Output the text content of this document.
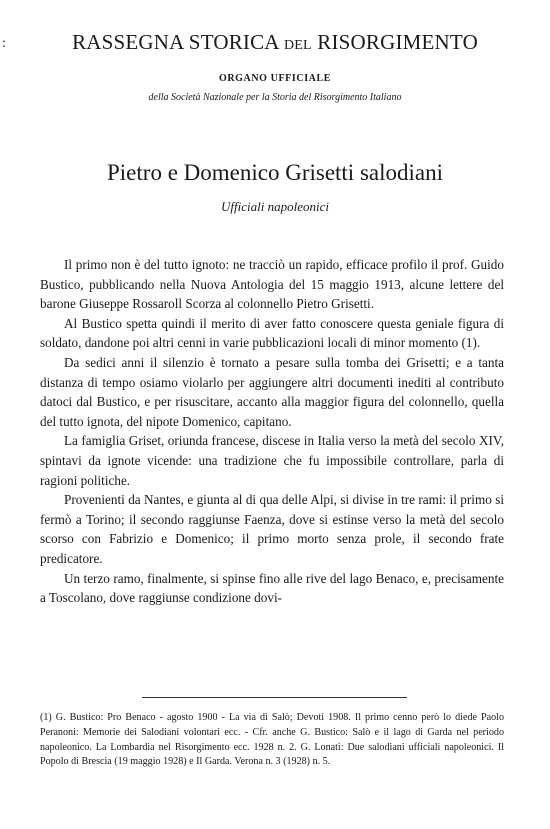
:	RASSEGNA STORICA DEL RISORGIMENTO
ORGANO UFFICIALE
della Società Nazionale per la Storia del Risorgimento Italiano
Pietro e Domenico Grisetti salodiani
Ufficiali napoleonici

Il primo non è del tutto ignoto: ne tracciò un rapido, efficace profilo il prof. Guido Bustico, pubblicando nella Nuova Antologia del 15 maggio 1913, alcune lettere del barone Giuseppe Rossaroll Scorza al colonnello Pietro Grisetti.

Al Bustico spetta quindi il merito di aver fatto conoscere questa geniale figura di soldato, dandone poi altri cenni in varie pubblicazioni locali di minor momento (1).

Da sedici anni il silenzio è tornato a pesare sulla tomba dei Grisetti; e a tanta distanza di tempo osiamo violarlo per aggiungere altri documenti inediti al contributo datoci dal Bustico, e per risuscitare, accanto alla maggior figura del colonnello, quella del tutto ignota, del nipote Domenico, capitano.

La famiglia Griset, oriunda francese, discese in Italia verso la metà del secolo XIV, spintavi da ignote vicende: una tradizione che fu impossibile controllare, parla di ragioni politiche.

Provenienti da Nantes, e giunta al di qua delle Alpi, si divise in tre rami: il primo si fermò a Torino; il secondo raggiunse Faenza, dove si estinse verso la metà del secolo scorso con Fabrizio e Domenico; il primo morto senza prole, il secondo frate predicatore.

Un terzo ramo, finalmente, si spinse fino alle rive del lago Benaco, e, precisamente a Toscolano, dove raggiunse condizione dovi-

(1) G. Bustico: Pro Benaco - agosto 1900 - La via di Salò; Devoti 1908. Il primo cenno però lo diede Paolo Peranoni: Memorie dei Salodiani volontari ecc. - Cfr. anche G. Bustico: Salò e il lago di Garda nel periodo napoleonico. La Lombardia nel Risorgimento ecc. 1928 n. 2. G. Lonati: Due salodiani ufficiali napoleonici. Il Popolo di Brescia (19 maggio 1928) e Il Garda. Verona n. 3 (1928) n. 5.
